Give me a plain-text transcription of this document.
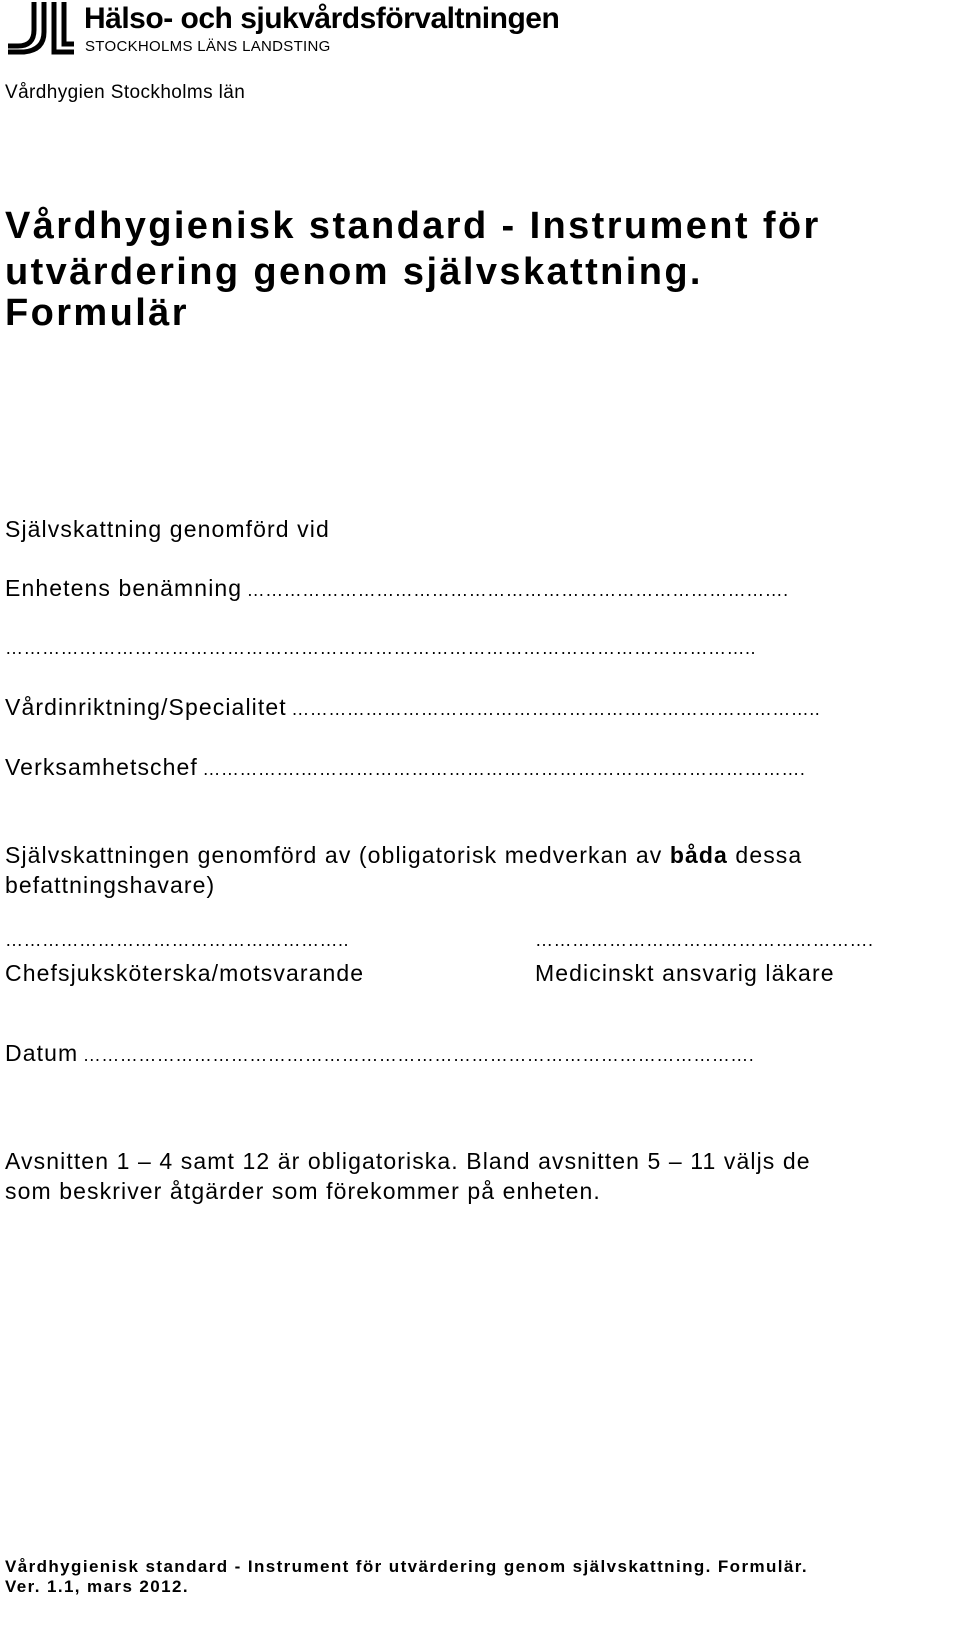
Hälso- och sjukvårdsförvaltningen
STOCKHOLMS LÄNS LANDSTING
Vårdhygien Stockholms län
Vårdhygienisk standard - Instrument för
utvärdering genom självskattning.
Formulär
Självskattning genomförd vid
Enhetens benämning …………………………………………………………………………….
…………………………………………………………………………………………………………..
Vårdinriktning/Specialitet …………………………………………………………………………..
Verksamhetschef …………….……………………………………………………………………….
Självskattningen genomförd av (obligatorisk medverkan av båda dessa
befattningshavare)
………………………………………………..
Chefsjuksköterska/motsvarande
……………………………………………….
Medicinskt ansvarig läkare
Datum ……………………………………………………………………………………………….
Avsnitten 1 – 4 samt 12 är obligatoriska. Bland avsnitten 5 – 11 väljs de
som beskriver åtgärder som förekommer på enheten.
Vårdhygienisk standard - Instrument för utvärdering genom självskattning. Formulär.
Ver. 1.1, mars 2012.
